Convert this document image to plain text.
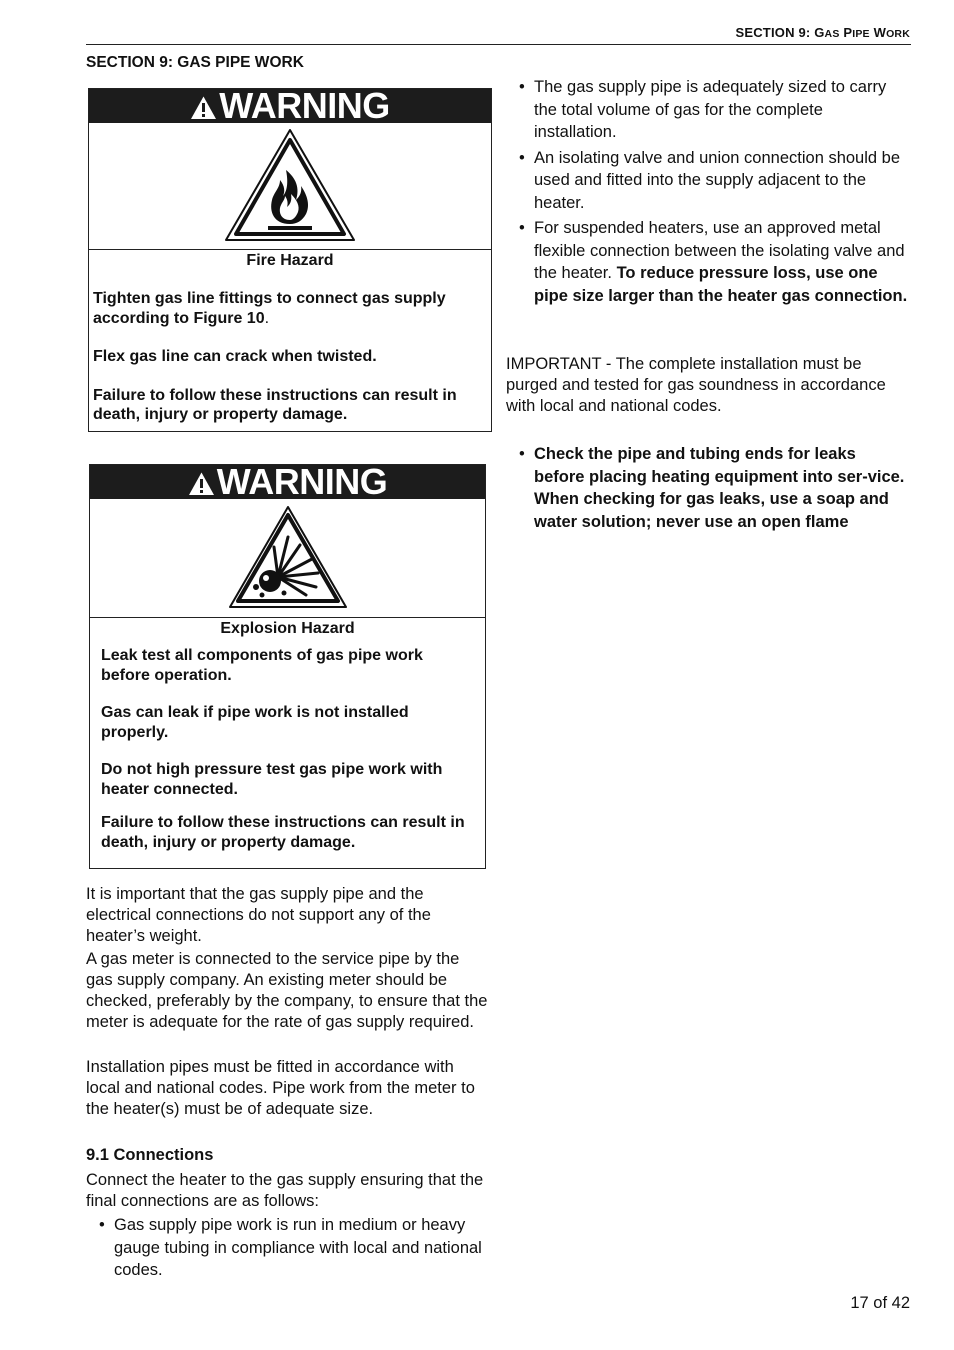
SECTION 9: GAS PIPE WORK
SECTION 9: GAS PIPE WORK
WARNING
Fire Hazard

Tighten gas line fittings to connect gas supply according to Figure 10.

Flex gas line can crack when twisted.

Failure to follow these instructions can result in death, injury or property damage.

WARNING
Explosion Hazard

Leak test all components of gas pipe work before operation.

Gas can leak if pipe work is not installed properly.

Do not high pressure test gas pipe work with heater connected.

Failure to follow these instructions can result in death, injury or property damage.

It is important that the gas supply pipe and the electrical connections do not support any of the heater’s weight.

A gas meter is connected to the service pipe by the gas supply company. An existing meter should be checked, preferably by the company, to ensure that the meter is adequate for the rate of gas supply required.

Installation pipes must be fitted in accordance with local and national codes. Pipe work from the meter to the heater(s) must be of adequate size.

9.1 Connections

Connect the heater to the gas supply ensuring that the final connections are as follows:

• Gas supply pipe work is run in medium or heavy gauge tubing in compliance with local and national codes.
• The gas supply pipe is adequately sized to carry the total volume of gas for the complete installation.
• An isolating valve and union connection should be used and fitted into the supply adjacent to the heater.
• For suspended heaters, use an approved metal flexible connection between the isolating valve and the heater. To reduce pressure loss, use one pipe size larger than the heater gas connection.

IMPORTANT - The complete installation must be purged and tested for gas soundness in accordance with local and national codes.

• Check the pipe and tubing ends for leaks before placing heating equipment into ser-vice. When checking for gas leaks, use a soap and water solution; never use an open flame
17 of 42
